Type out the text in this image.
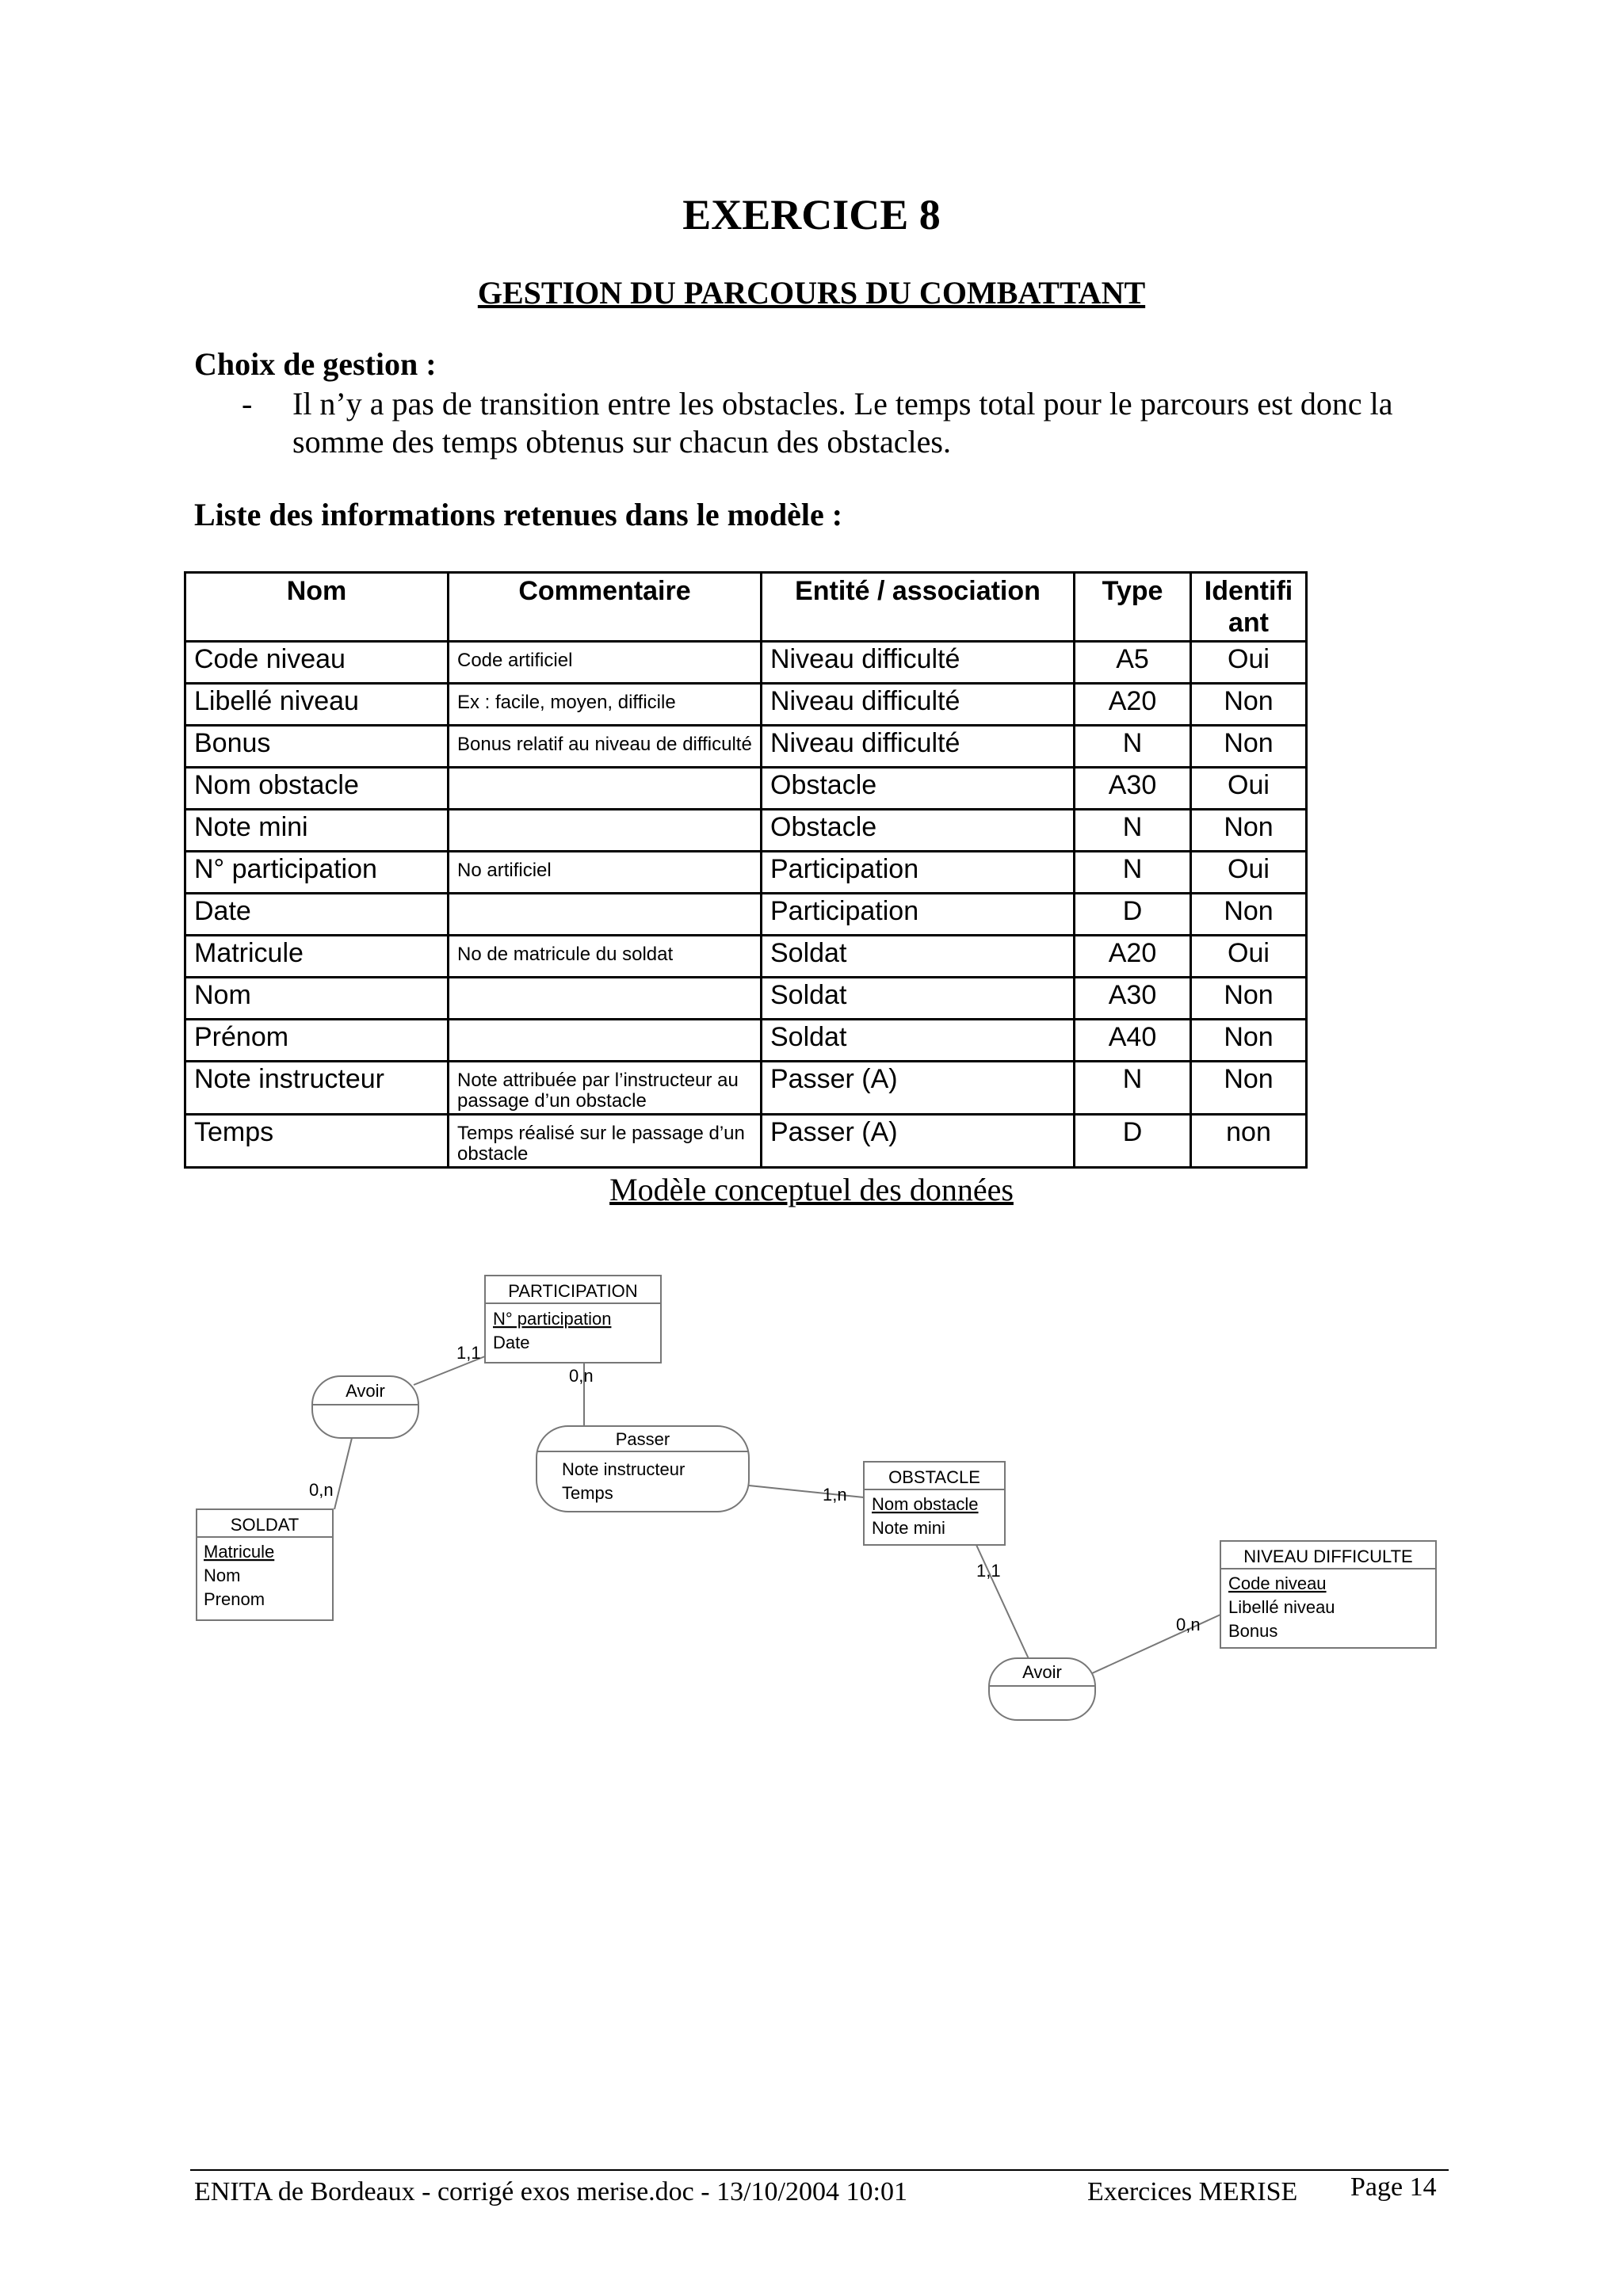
EXERCICE 8
GESTION DU PARCOURS DU COMBATTANT
Choix de gestion :
- Il n’y a pas de transition entre les obstacles. Le temps total pour le parcours est donc la somme des temps obtenus sur chacun des obstacles.
Liste des informations retenues dans le modèle :
Nom	Commentaire	Entité / association	Type	Identifi ant
Code niveau	Code artificiel	Niveau difficulté	A5	Oui
Libellé niveau	Ex : facile, moyen, difficile	Niveau difficulté	A20	Non
Bonus	Bonus relatif au niveau de difficulté	Niveau difficulté	N	Non
Nom obstacle		Obstacle	A30	Oui
Note mini		Obstacle	N	Non
N° participation	No artificiel	Participation	N	Oui
Date		Participation	D	Non
Matricule	No de matricule du soldat	Soldat	A20	Oui
Nom		Soldat	A30	Non
Prénom		Soldat	A40	Non
Note instructeur	Note attribuée par l’instructeur au passage d’un obstacle	Passer (A)	N	Non
Temps	Temps réalisé sur le passage d’un obstacle	Passer (A)	D	non
Modèle conceptuel des données
PARTICIPATION
N° participation
Date
SOLDAT
Matricule
Nom
Prenom
OBSTACLE
Nom obstacle
Note mini
NIVEAU DIFFICULTE
Code niveau
Libellé niveau
Bonus
Avoir
Passer
Note instructeur
Temps
Avoir
1,1
0,n
0,n
1,n
1,1
0,n
ENITA de Bordeaux - corrigé exos merise.doc - 13/10/2004 10:01	Exercices MERISE Page 14
